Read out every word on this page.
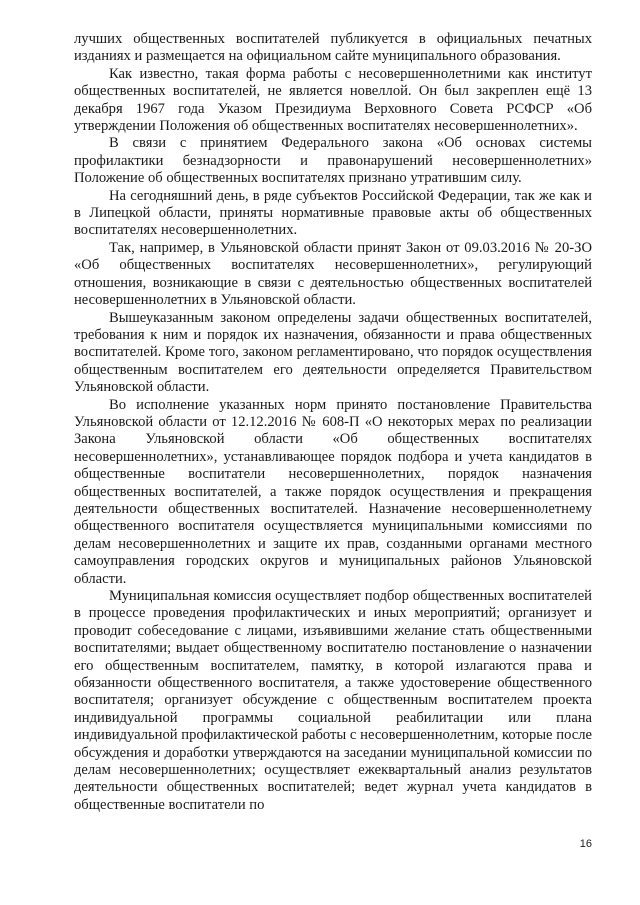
лучших общественных воспитателей публикуется в официальных печатных изданиях и размещается на официальном сайте муниципального образования.

Как известно, такая форма работы с несовершеннолетними как институт общественных воспитателей, не является новеллой. Он был закреплен ещё 13 декабря 1967 года Указом Президиума Верховного Совета РСФСР «Об утверждении Положения об общественных воспитателях несовершеннолетних».

В связи с принятием Федерального закона «Об основах системы профилактики безнадзорности и правонарушений несовершеннолетних» Положение об общественных воспитателях признано утратившим силу.

На сегодняшний день, в ряде субъектов Российской Федерации, так же как и в Липецкой области, приняты нормативные правовые акты об общественных воспитателях несовершеннолетних.

Так, например, в Ульяновской области принят Закон от 09.03.2016 № 20-ЗО «Об общественных воспитателях несовершеннолетних», регулирующий отношения, возникающие в связи с деятельностью общественных воспитателей несовершеннолетних в Ульяновской области.

Вышеуказанным законом определены задачи общественных воспитателей, требования к ним и порядок их назначения, обязанности и права общественных воспитателей. Кроме того, законом регламентировано, что порядок осуществления общественным воспитателем его деятельности определяется Правительством Ульяновской области.

Во исполнение указанных норм принято постановление Правительства Ульяновской области от 12.12.2016 № 608-П «О некоторых мерах по реализации Закона Ульяновской области «Об общественных воспитателях несовершеннолетних», устанавливающее порядок подбора и учета кандидатов в общественные воспитатели несовершеннолетних, порядок назначения общественных воспитателей, а также порядок осуществления и прекращения деятельности общественных воспитателей. Назначение несовершеннолетнему общественного воспитателя осуществляется муниципальными комиссиями по делам несовершеннолетних и защите их прав, созданными органами местного самоуправления городских округов и муниципальных районов Ульяновской области.

Муниципальная комиссия осуществляет подбор общественных воспитателей в процессе проведения профилактических и иных мероприятий; организует и проводит собеседование с лицами, изъявившими желание стать общественными воспитателями; выдает общественному воспитателю постановление о назначении его общественным воспитателем, памятку, в которой излагаются права и обязанности общественного воспитателя, а также удостоверение общественного воспитателя; организует обсуждение с общественным воспитателем проекта индивидуальной программы социальной реабилитации или плана индивидуальной профилактической работы с несовершеннолетним, которые после обсуждения и доработки утверждаются на заседании муниципальной комиссии по делам несовершеннолетних; осуществляет ежеквартальный анализ результатов деятельности общественных воспитателей; ведет журнал учета кандидатов в общественные воспитатели по

16
